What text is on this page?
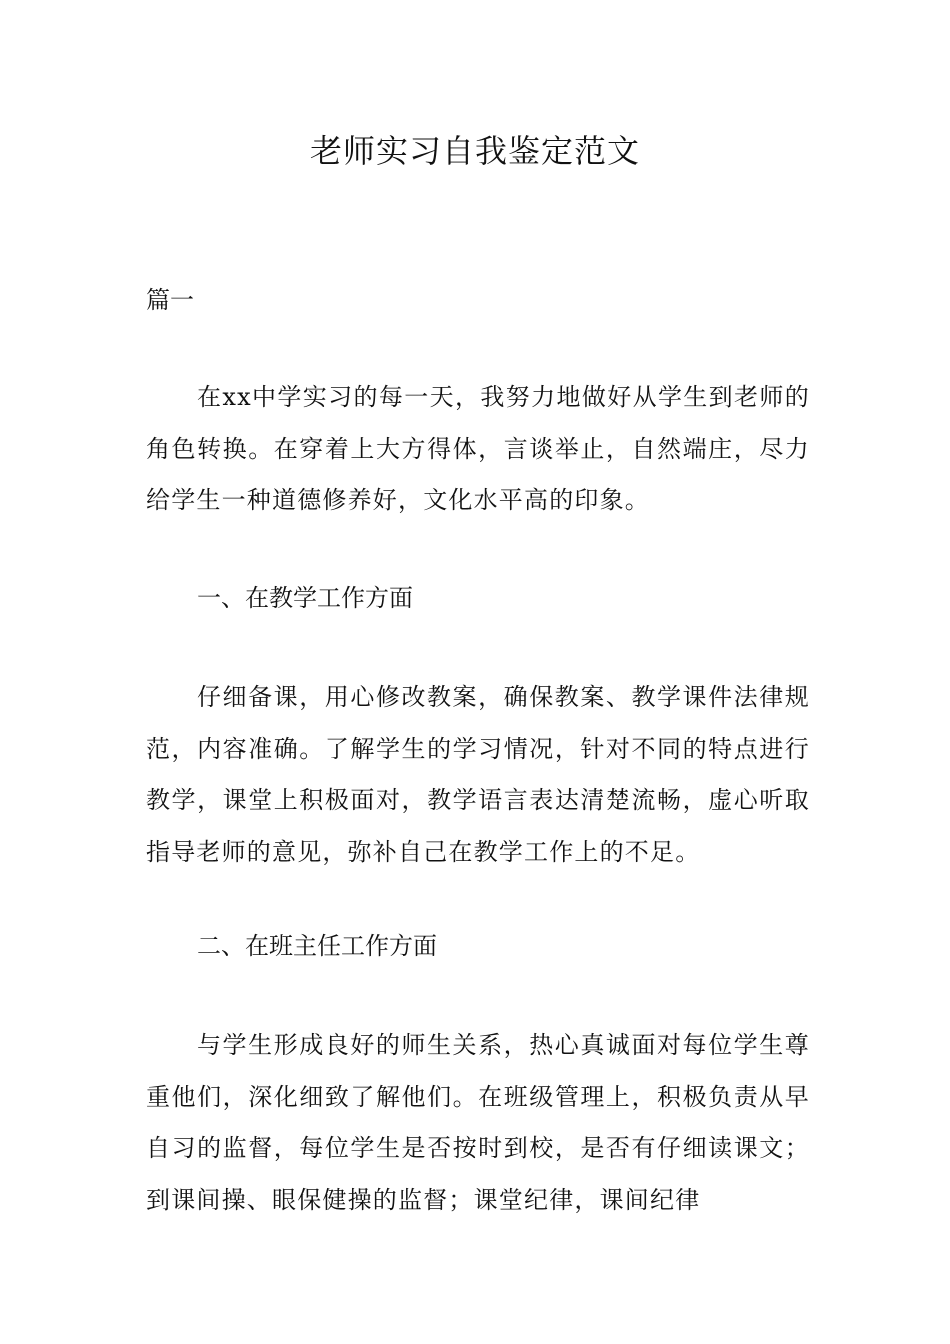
老师实习自我鉴定范文
篇一
在xx中学实习的每一天，我努力地做好从学生到老师的角色转换。在穿着上大方得体，言谈举止，自然端庄，尽力给学生一种道德修养好，文化水平高的印象。
一、在教学工作方面
仔细备课，用心修改教案，确保教案、教学课件法律规范，内容准确。了解学生的学习情况，针对不同的特点进行教学，课堂上积极面对，教学语言表达清楚流畅，虚心听取指导老师的意见，弥补自己在教学工作上的不足。
二、在班主任工作方面
与学生形成良好的师生关系，热心真诚面对每位学生尊重他们，深化细致了解他们。在班级管理上，积极负责从早自习的监督，每位学生是否按时到校，是否有仔细读课文；到课间操、眼保健操的监督；课堂纪律，课间纪律
